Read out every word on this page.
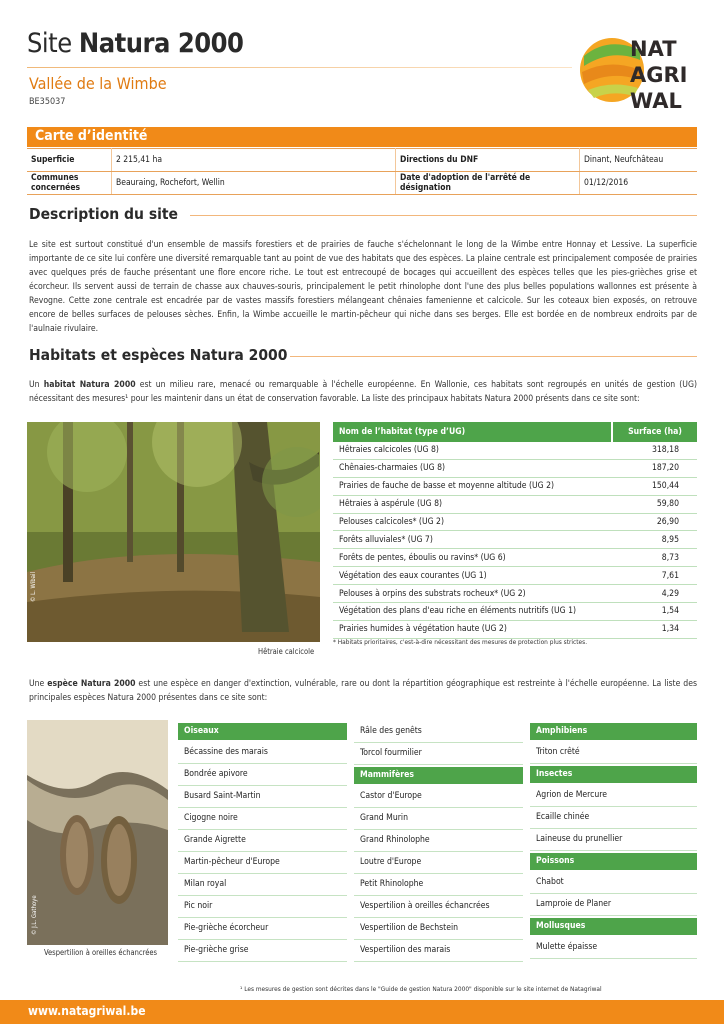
Site Natura 2000
Vallée de la Wimbe
BE35037
NAT
AGRI
WAL
Carte d’identité
Superficie	2 215,41 ha	Directions du DNF	Dinant, Neufchâteau
Communes concernées	Beauraing, Rochefort, Wellin	Date d'adoption de l'arrêté de désignation	01/12/2016
Description du site
Le site est surtout constitué d'un ensemble de massifs forestiers et de prairies de fauche s'échelonnant le long de la Wimbe entre Honnay et Lessive. La superficie importante de ce site lui confère une diversité remarquable tant au point de vue des habitats que des espèces. La plaine centrale est principalement composée de prairies avec quelques prés de fauche présentant une flore encore riche. Le tout est entrecoupé de bocages qui accueillent des espèces telles que les pies-grièches grise et écorcheur. Ils servent aussi de terrain de chasse aux chauves-souris, principalement le petit rhinolophe dont l'une des plus belles populations wallonnes est présente à Revogne. Cette zone centrale est encadrée par de vastes massifs forestiers mélangeant chênaies famenienne et calcicole. Sur les coteaux bien exposés, on retrouve encore de belles surfaces de pelouses sèches. Enfin, la Wimbe accueille le martin-pêcheur qui niche dans ses berges. Elle est bordée en de nombreux endroits par de l'aulnaie rivulaire.
Habitats et espèces Natura 2000
Un habitat Natura 2000 est un milieu rare, menacé ou remarquable à l'échelle européenne. En Wallonie, ces habitats sont regroupés en unités de gestion (UG) nécessitant des mesures¹ pour les maintenir dans un état de conservation favorable. La liste des principaux habitats Natura 2000 présents dans ce site sont:
© L. Wibail
Hêtraie calcicole
Nom de l’habitat (type d’UG)	Surface (ha)
Hêtraies calcicoles (UG 8)	318,18
Chênaies-charmaies (UG 8)	187,20
Prairies de fauche de basse et moyenne altitude (UG 2)	150,44
Hêtraies à aspérule (UG 8)	59,80
Pelouses calcicoles* (UG 2)	26,90
Forêts alluviales* (UG 7)	8,95
Forêts de pentes, éboulis ou ravins* (UG 6)	8,73
Végétation des eaux courantes (UG 1)	7,61
Pelouses à orpins des substrats rocheux* (UG 2)	4,29
Végétation des plans d'eau riche en éléments nutritifs (UG 1)	1,54
Prairies humides à végétation haute (UG 2)	1,34
* Habitats prioritaires, c'est-à-dire nécessitant des mesures de protection plus strictes.
Une espèce Natura 2000 est une espèce en danger d'extinction, vulnérable, rare ou dont la répartition géographique est restreinte à l'échelle européenne. La liste des principales espèces Natura 2000 présentes dans ce site sont:
© J.L. Gathoye
Vespertilion à oreilles échancrées
Oiseaux
Bécassine des marais
Bondrée apivore
Busard Saint-Martin
Cigogne noire
Grande Aigrette
Martin-pêcheur d'Europe
Milan royal
Pic noir
Pie-grièche écorcheur
Pie-grièche grise
Râle des genêts
Torcol fourmilier
Mammifères
Castor d'Europe
Grand Murin
Grand Rhinolophe
Loutre d'Europe
Petit Rhinolophe
Vespertilion à oreilles échancrées
Vespertilion de Bechstein
Vespertilion des marais
Amphibiens
Triton crêté
Insectes
Agrion de Mercure
Ecaille chinée
Laineuse du prunellier
Poissons
Chabot
Lamproie de Planer
Mollusques
Mulette épaisse
¹ Les mesures de gestion sont décrites dans le "Guide de gestion Natura 2000" disponible sur le site internet de Natagriwal
www.natagriwal.be
